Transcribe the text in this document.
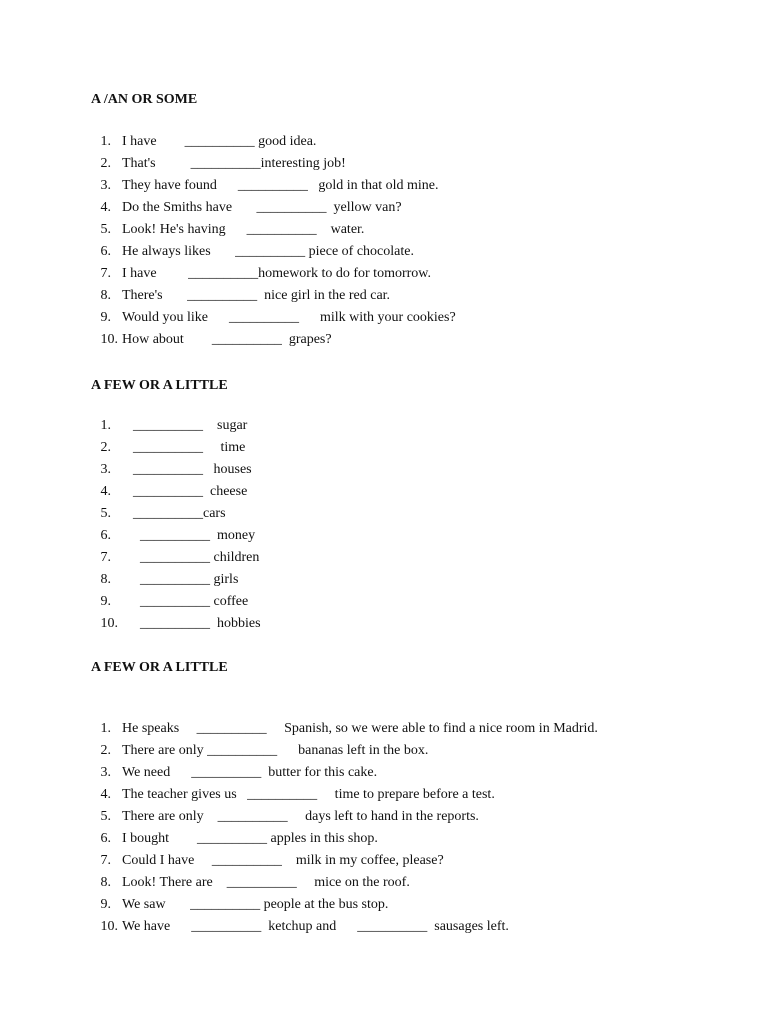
A /AN OR SOME
1. I have        __________ good idea.
2. That's          __________interesting job!
3. They have found      __________   gold in that old mine.
4. Do the Smiths have       __________  yellow van?
5. Look! He's having      __________    water.
6. He always likes       __________ piece of chocolate.
7. I have         __________homework to do for tomorrow.
8. There's       __________  nice girl in the red car.
9. Would you like      __________      milk with your cookies?
10. How about        __________  grapes?
A FEW OR A LITTLE
1. __________    sugar
2. __________     time
3. __________   houses
4. __________  cheese
5. __________cars
6. __________  money
7. __________ children
8. __________ girls
9. __________ coffee
10. __________  hobbies
A FEW OR A LITTLE
1. He speaks     __________     Spanish, so we were able to find a nice room in Madrid.
2. There are only __________      bananas left in the box.
3. We need      __________  butter for this cake.
4. The teacher gives us   __________     time to prepare before a test.
5. There are only    __________     days left to hand in the reports.
6. I bought        __________ apples in this shop.
7. Could I have     __________    milk in my coffee, please?
8. Look! There are    __________     mice on the roof.
9. We saw       __________ people at the bus stop.
10. We have      __________  ketchup and      __________  sausages left.
